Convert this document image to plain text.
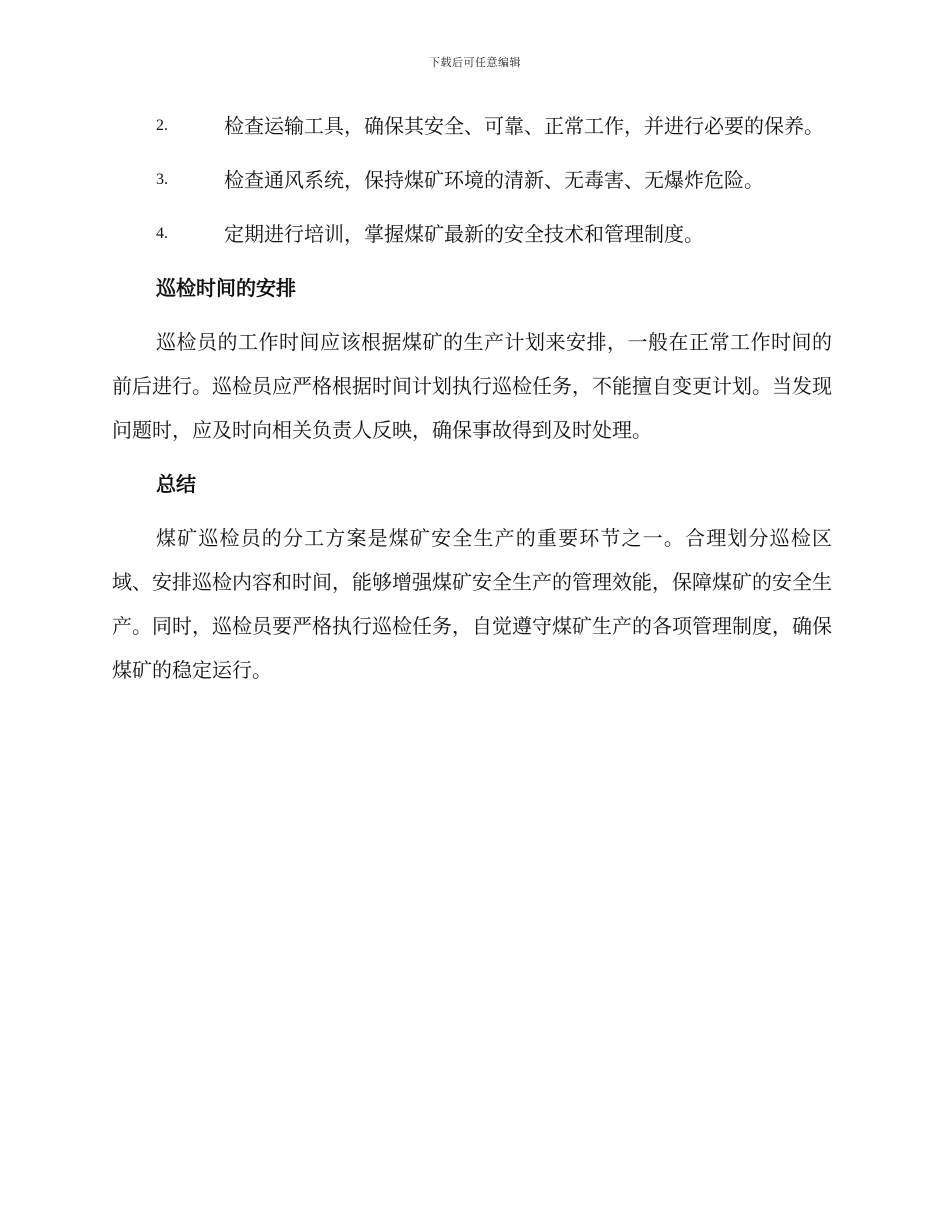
下载后可任意编辑
2.	检查运输工具，确保其安全、可靠、正常工作，并进行必要的保养。
3.	检查通风系统，保持煤矿环境的清新、无毒害、无爆炸危险。
4.	定期进行培训，掌握煤矿最新的安全技术和管理制度。
巡检时间的安排
巡检员的工作时间应该根据煤矿的生产计划来安排，一般在正常工作时间的前后进行。巡检员应严格根据时间计划执行巡检任务，不能擅自变更计划。当发现问题时，应及时向相关负责人反映，确保事故得到及时处理。
总结
煤矿巡检员的分工方案是煤矿安全生产的重要环节之一。合理划分巡检区域、安排巡检内容和时间，能够增强煤矿安全生产的管理效能，保障煤矿的安全生产。同时，巡检员要严格执行巡检任务，自觉遵守煤矿生产的各项管理制度，确保煤矿的稳定运行。
